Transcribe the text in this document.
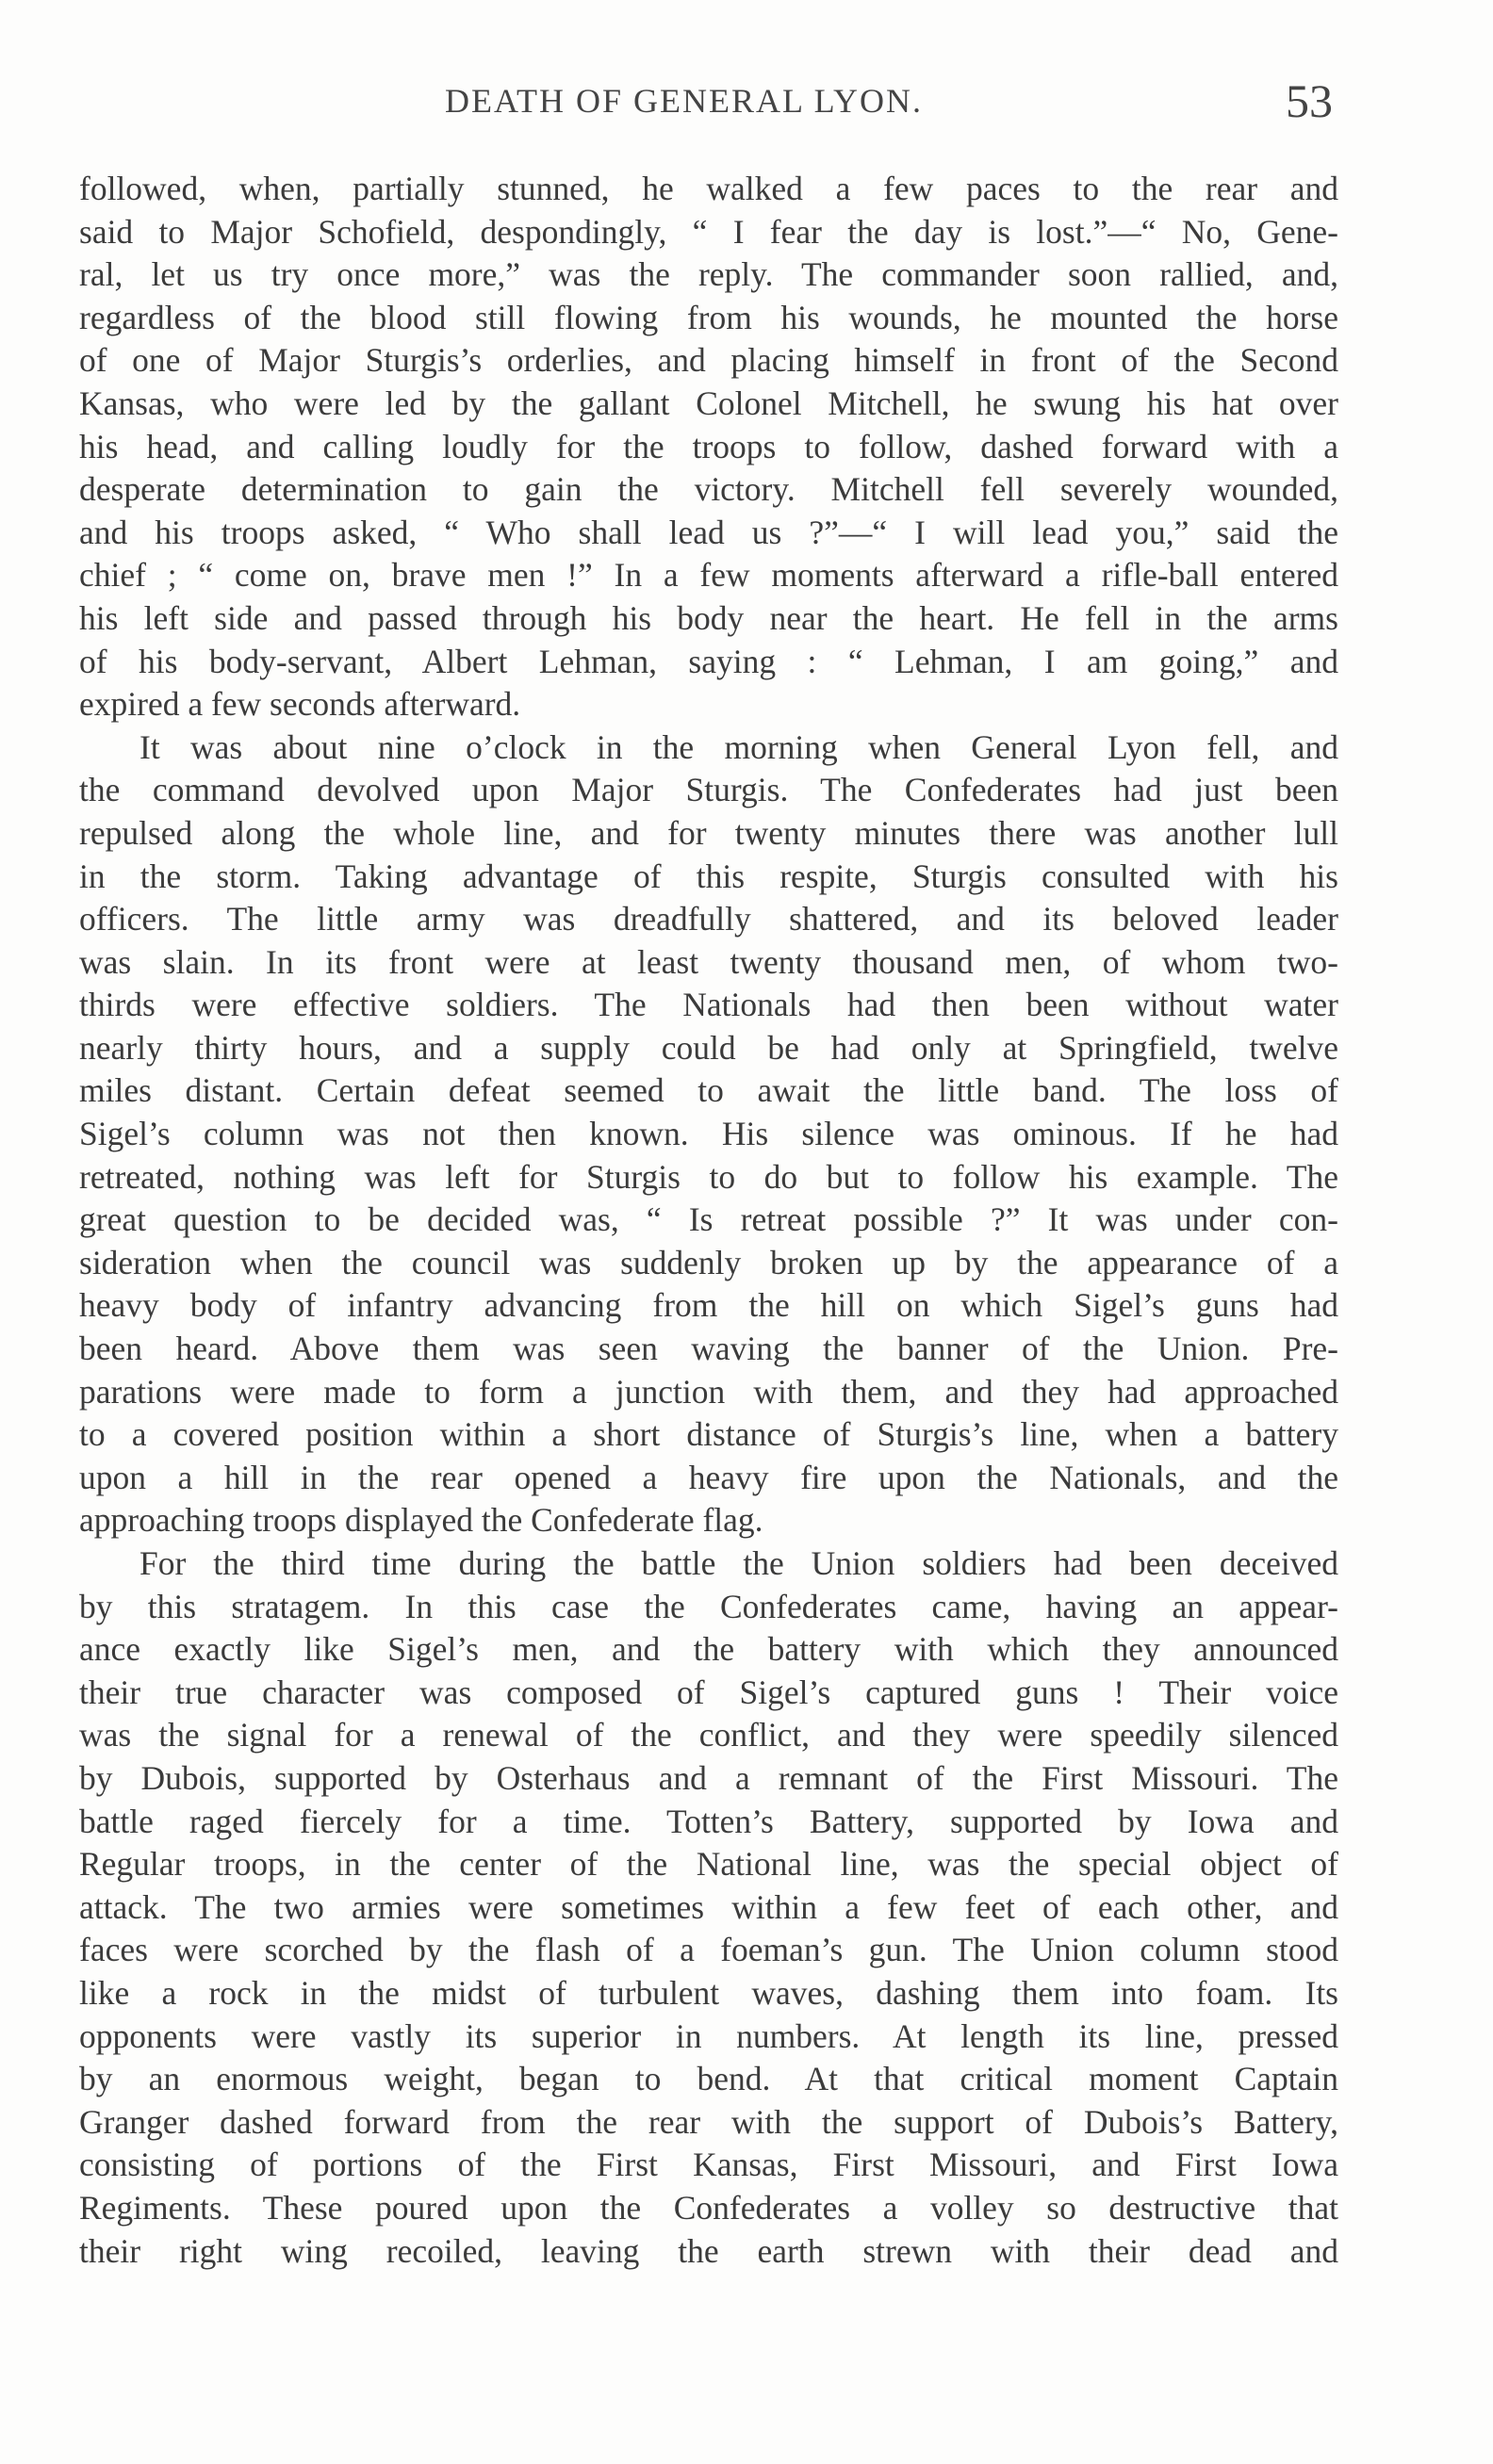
DEATH OF GENERAL LYON.	53
followed, when, partially stunned, he walked a few paces to the rear and
said to Major Schofield, despondingly, “ I fear the day is lost.”—“ No, Gene-
ral, let us try once more,” was the reply. The commander soon rallied, and,
regardless of the blood still flowing from his wounds, he mounted the horse
of one of Major Sturgis’s orderlies, and placing himself in front of the Second
Kansas, who were led by the gallant Colonel Mitchell, he swung his hat over
his head, and calling loudly for the troops to follow, dashed forward with a
desperate determination to gain the victory. Mitchell fell severely wounded,
and his troops asked, “ Who shall lead us ?”—“ I will lead you,” said the
chief ; “ come on, brave men !” In a few moments afterward a rifle-ball entered
his left side and passed through his body near the heart. He fell in the arms
of his body-servant, Albert Lehman, saying : “ Lehman, I am going,” and
expired a few seconds afterward.
It was about nine o’clock in the morning when General Lyon fell, and
the command devolved upon Major Sturgis. The Confederates had just been
repulsed along the whole line, and for twenty minutes there was another lull
in the storm. Taking advantage of this respite, Sturgis consulted with his
officers. The little army was dreadfully shattered, and its beloved leader
was slain. In its front were at least twenty thousand men, of whom two-
thirds were effective soldiers. The Nationals had then been without water
nearly thirty hours, and a supply could be had only at Springfield, twelve
miles distant. Certain defeat seemed to await the little band. The loss of
Sigel’s column was not then known. His silence was ominous. If he had
retreated, nothing was left for Sturgis to do but to follow his example. The
great question to be decided was, “ Is retreat possible ?” It was under con-
sideration when the council was suddenly broken up by the appearance of a
heavy body of infantry advancing from the hill on which Sigel’s guns had
been heard. Above them was seen waving the banner of the Union. Pre-
parations were made to form a junction with them, and they had approached
to a covered position within a short distance of Sturgis’s line, when a battery
upon a hill in the rear opened a heavy fire upon the Nationals, and the
approaching troops displayed the Confederate flag.
For the third time during the battle the Union soldiers had been deceived
by this stratagem. In this case the Confederates came, having an appear-
ance exactly like Sigel’s men, and the battery with which they announced
their true character was composed of Sigel’s captured guns ! Their voice
was the signal for a renewal of the conflict, and they were speedily silenced
by Dubois, supported by Osterhaus and a remnant of the First Missouri. The
battle raged fiercely for a time. Totten’s Battery, supported by Iowa and
Regular troops, in the center of the National line, was the special object of
attack. The two armies were sometimes within a few feet of each other, and
faces were scorched by the flash of a foeman’s gun. The Union column stood
like a rock in the midst of turbulent waves, dashing them into foam. Its
opponents were vastly its superior in numbers. At length its line, pressed
by an enormous weight, began to bend. At that critical moment Captain
Granger dashed forward from the rear with the support of Dubois’s Battery,
consisting of portions of the First Kansas, First Missouri, and First Iowa
Regiments. These poured upon the Confederates a volley so destructive that
their right wing recoiled, leaving the earth strewn with their dead and
